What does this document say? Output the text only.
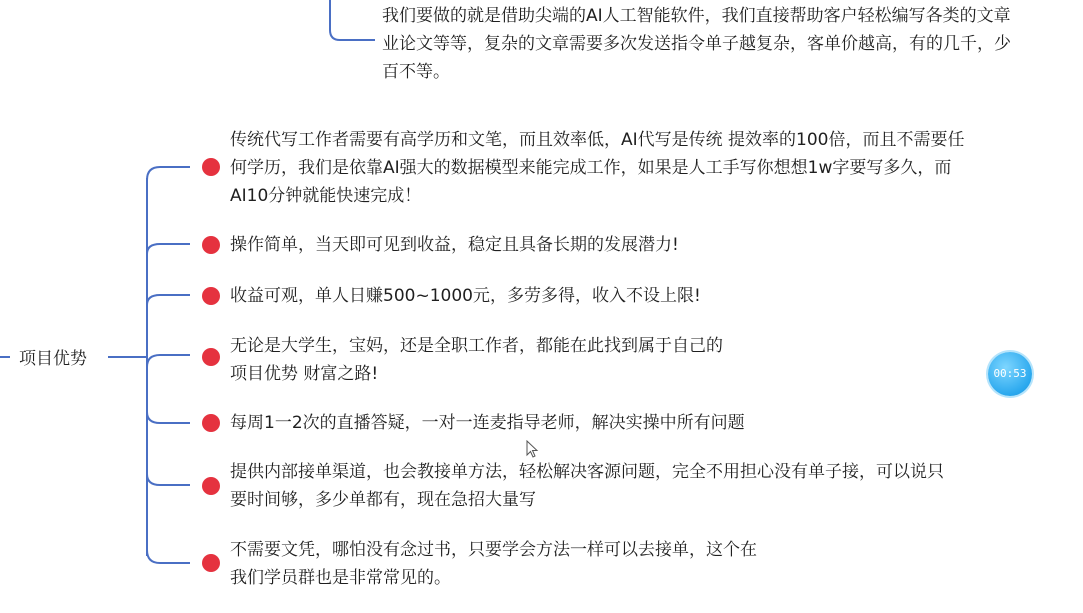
我们要做的就是借助尖端的AI人工智能软件，我们直接帮助客户轻松编写各类的文章
业论文等等，复杂的文章需要多次发送指令单子越复杂，客单价越高，有的几千，少
百不等。
项目优势
传统代写工作者需要有高学历和文笔，而且效率低，AI代写是传统 提效率的100倍，而且不需要任
何学历，我们是依靠AI强大的数据模型来能完成工作，如果是人工手写你想想1w字要写多久，而
AI10分钟就能快速完成！
操作简单，当天即可见到收益，稳定且具备长期的发展潜力!
收益可观，单人日赚500~1000元，多劳多得，收入不设上限!
无论是大学生，宝妈，还是全职工作者，都能在此找到属于自己的
项目优势 财富之路!
每周1一2次的直播答疑，一对一连麦指导老师，解决实操中所有问题
提供内部接单渠道，也会教接单方法，轻松解决客源问题，完全不用担心没有单子接，可以说只
要时间够，多少单都有，现在急招大量写
不需要文凭，哪怕没有念过书，只要学会方法一样可以去接单，这个在
我们学员群也是非常常见的。
00:53
